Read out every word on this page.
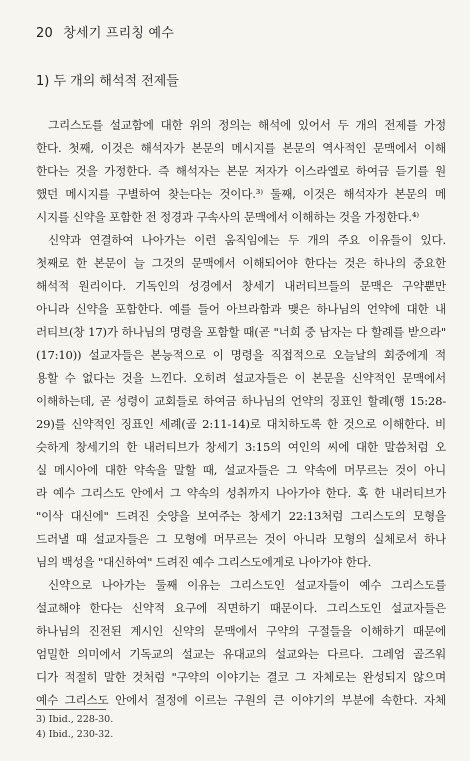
20 창세기 프리칭 예수
1) 두 개의 해석적 전제들
그리스도를 설교함에 대한 위의 정의는 해석에 있어서 두 개의 전제를 가정
한다. 첫째, 이것은 해석자가 본문의 메시지를 본문의 역사적인 문맥에서 이해
한다는 것을 가정한다. 즉 해석자는 본문 저자가 이스라엘로 하여금 듣기를 원
했던 메시지를 구별하여 찾는다는 것이다.³⁾ 둘째, 이것은 해석자가 본문의 메
시지를 신약을 포함한 전 정경과 구속사의 문맥에서 이해하는 것을 가정한다.⁴⁾
신약과 연결하여 나아가는 이런 움직임에는 두 개의 주요 이유들이 있다.
첫째로 한 본문이 늘 그것의 문맥에서 이해되어야 한다는 것은 하나의 중요한
해석적 원리이다. 기독인의 성경에서 창세기 내러티브들의 문맥은 구약뿐만
아니라 신약을 포함한다. 예를 들어 아브라함과 맺은 하나님의 언약에 대한 내
러티브(창 17)가 하나님의 명령을 포함할 때(곧 "너희 중 남자는 다 할례를 받으라"
(17:10)) 설교자들은 본능적으로 이 명령을 직접적으로 오늘날의 회중에게 적
용할 수 없다는 것을 느낀다. 오히려 설교자들은 이 본문을 신약적인 문맥에서
이해하는데, 곧 성령이 교회들로 하여금 하나님의 언약의 징표인 할례(행 15:28-
29)를 신약적인 징표인 세례(골 2:11-14)로 대치하도록 한 것으로 이해한다. 비
슷하게 창세기의 한 내러티브가 창세기 3:15의 여인의 씨에 대한 말씀처럼 오
실 메시아에 대한 약속을 말할 때, 설교자들은 그 약속에 머무르는 것이 아니
라 예수 그리스도 안에서 그 약속의 성취까지 나아가야 한다. 혹 한 내러티브가
"이삭 대신에" 드려진 숫양을 보여주는 창세기 22:13처럼 그리스도의 모형을
드러낼 때 설교자들은 그 모형에 머무르는 것이 아니라 모형의 실체로서 하나
님의 백성을 "대신하여" 드려진 예수 그리스도에게로 나아가야 한다.
신약으로 나아가는 둘째 이유는 그리스도인 설교자들이 예수 그리스도를
설교해야 한다는 신약적 요구에 직면하기 때문이다. 그리스도인 설교자들은
하나님의 진전된 계시인 신약의 문맥에서 구약의 구절들을 이해하기 때문에
엄밀한 의미에서 기독교의 설교는 유대교의 설교와는 다르다. 그레엄 골즈워
디가 적절히 말한 것처럼 "구약의 이야기는 결코 그 자체로는 완성되지 않으며
예수 그리스도 안에서 절정에 이르는 구원의 큰 이야기의 부분에 속한다. 자체
3) Ibid., 228-30.
4) Ibid., 230-32.
